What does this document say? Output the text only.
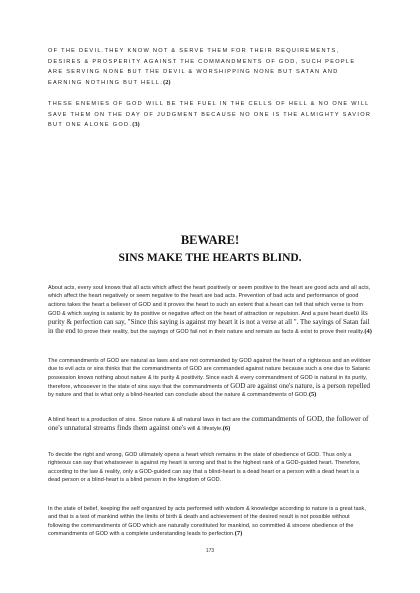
OF THE DEVIL.THEY KNOW NOT & SERVE THEM FOR THEIR REQUIREMENTS, DESIRES & PROSPERITY AGAINST THE COMMANDMENTS OF GOD, SUCH PEOPLE ARE SERVING NONE BUT THE DEVIL & WORSHIPPING NONE BUT SATAN AND EARNING NOTHING BUT HELL.(2)

THESE ENEMIES OF GOD WILL BE THE FUEL IN THE CELLS OF HELL & NO ONE WILL SAVE THEM ON THE DAY OF JUDGMENT BECAUSE NO ONE IS THE ALMIGHTY SAVIOR BUT ONE ALONE GOD.(3)

BEWARE!
SINS MAKE THE HEARTS BLIND.

About acts, every soul knows that all acts which affect the heart positively or seem positive to the heart are good acts and all acts, which affect the heart negatively or seem negative to the heart are bad acts. Prevention of bad acts and performance of good actions takes the heart a believer of GOD and it proves the heart to such an extent that a heart can tell that which verse is from GOD & which saying is satanic by its positive or negative affect on the heart of attraction or repulsion. And a pure heart dueto its purity & perfection can say, "Since this saying is against my heart it is not a verse at all ". The sayings of Satan fail in the end to prove their reality, but the sayings of GOD fail not in their nature and remain as facts & exist to prove their reality.(4)

The commandments of GOD are natural as laws and are not commanded by GOD against the heart of a righteous and an evildoer due to evil acts or sins thinks that the commandments of GOD are commanded against nature because such a one due to Satanic possession knows nothing about nature & its purity & positivity. Since each & every commandment of GOD is natural in its purity, therefore, whosoever in the state of sins says that the commandments of GOD are against one's nature, is a person repelled by nature and that is what only a blind-hearted can conclude about the nature & commandments of GOD.(5)

A blind heart is a production of sins. Since nature & all natural laws in fact are the commandments of GOD, the follower of one's unnatural streams finds them against one's will & lifestyle.(6)

To decide the right and wrong, GOD ultimately opens a heart which remains in the state of obedience of GOD. Thus only a righteous can say that whatsoever is against my heart is wrong and that is the highest rank of a GOD-guided heart. Therefore, according to the law & reality, only a GOD-guided can say that a blind-heart is a dead heart or a person with a dead heart is a dead person or a blind-heart is a blind person in the kingdom of GOD.

In the state of belief, keeping the self organized by acts performed with wisdom & knowledge according to nature is a great task, and that is a test of mankind within the limits of birth & death and achievement of the desired result is not possible without following the commandments of GOD which are naturally constituted for mankind, so committed & sincere obedience of the commandments of GOD with a complete understanding leads to perfection.(7)

173
